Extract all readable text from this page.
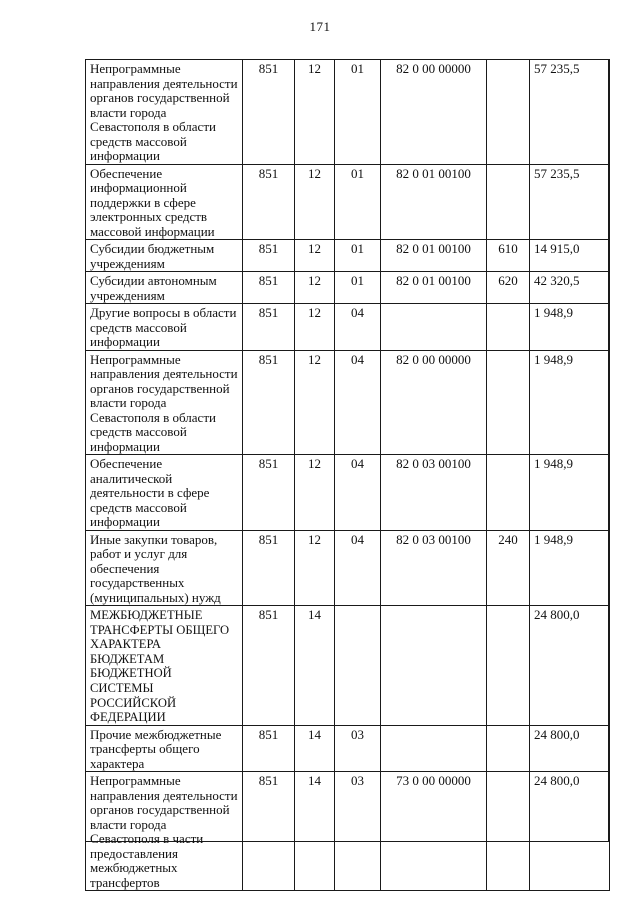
171
Непрограммные направления деятельности органов государственной власти города Севастополя в области средств массовой информации	851	12	01	82 0 00 00000		57 235,5
Обеспечение информационной поддержки в сфере электронных средств массовой информации	851	12	01	82 0 01 00100		57 235,5
Субсидии бюджетным учреждениям	851	12	01	82 0 01 00100	610	14 915,0
Субсидии автономным учреждениям	851	12	01	82 0 01 00100	620	42 320,5
Другие вопросы в области средств массовой информации	851	12	04			1 948,9
Непрограммные направления деятельности органов государственной власти города Севастополя в области средств массовой информации	851	12	04	82 0 00 00000		1 948,9
Обеспечение аналитической деятельности в сфере средств массовой информации	851	12	04	82 0 03 00100		1 948,9
Иные закупки товаров, работ и услуг для обеспечения государственных (муниципальных) нужд	851	12	04	82 0 03 00100	240	1 948,9
МЕЖБЮДЖЕТНЫЕ ТРАНСФЕРТЫ ОБЩЕГО ХАРАКТЕРА БЮДЖЕТАМ БЮДЖЕТНОЙ СИСТЕМЫ РОССИЙСКОЙ ФЕДЕРАЦИИ	851	14				24 800,0
Прочие межбюджетные трансферты общего характера	851	14	03			24 800,0
Непрограммные направления деятельности органов государственной власти города Севастополя в части предоставления межбюджетных трансфертов	851	14	03	73 0 00 00000		24 800,0
